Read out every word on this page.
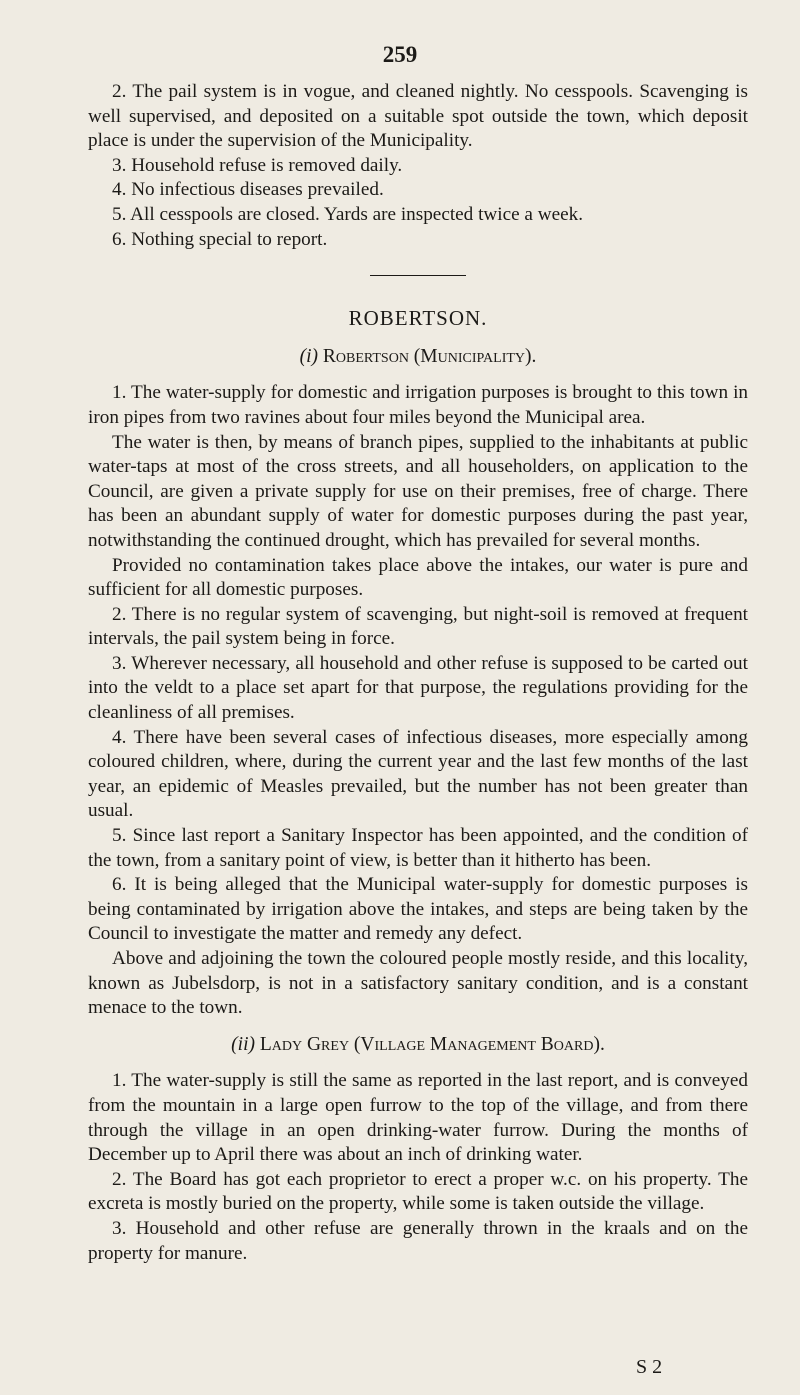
259

2. The pail system is in vogue, and cleaned nightly. No cesspools. Scavenging is well supervised, and deposited on a suitable spot outside the town, which deposit place is under the supervision of the Municipality.

3. Household refuse is removed daily.

4. No infectious diseases prevailed.

5. All cesspools are closed. Yards are inspected twice a week.

6. Nothing special to report.

ROBERTSON.

(i) Robertson (Municipality).

1. The water-supply for domestic and irrigation purposes is brought to this town in iron pipes from two ravines about four miles beyond the Municipal area.

The water is then, by means of branch pipes, supplied to the inhabitants at public water-taps at most of the cross streets, and all householders, on application to the Council, are given a private supply for use on their premises, free of charge. There has been an abundant supply of water for domestic purposes during the past year, notwithstanding the continued drought, which has prevailed for several months.

Provided no contamination takes place above the intakes, our water is pure and sufficient for all domestic purposes.

2. There is no regular system of scavenging, but night-soil is removed at frequent intervals, the pail system being in force.

3. Wherever necessary, all household and other refuse is supposed to be carted out into the veldt to a place set apart for that purpose, the regulations providing for the cleanliness of all premises.

4. There have been several cases of infectious diseases, more especially among coloured children, where, during the current year and the last few months of the last year, an epidemic of Measles prevailed, but the number has not been greater than usual.

5. Since last report a Sanitary Inspector has been appointed, and the condition of the town, from a sanitary point of view, is better than it hitherto has been.

6. It is being alleged that the Municipal water-supply for domestic purposes is being contaminated by irrigation above the intakes, and steps are being taken by the Council to investigate the matter and remedy any defect.

Above and adjoining the town the coloured people mostly reside, and this locality, known as Jubelsdorp, is not in a satisfactory sanitary condition, and is a constant menace to the town.

(ii) Lady Grey (Village Management Board).

1. The water-supply is still the same as reported in the last report, and is conveyed from the mountain in a large open furrow to the top of the village, and from there through the village in an open drinking-water furrow. During the months of December up to April there was about an inch of drinking water.

2. The Board has got each proprietor to erect a proper w.c. on his property. The excreta is mostly buried on the property, while some is taken outside the village.

3. Household and other refuse are generally thrown in the kraals and on the property for manure.

S 2
